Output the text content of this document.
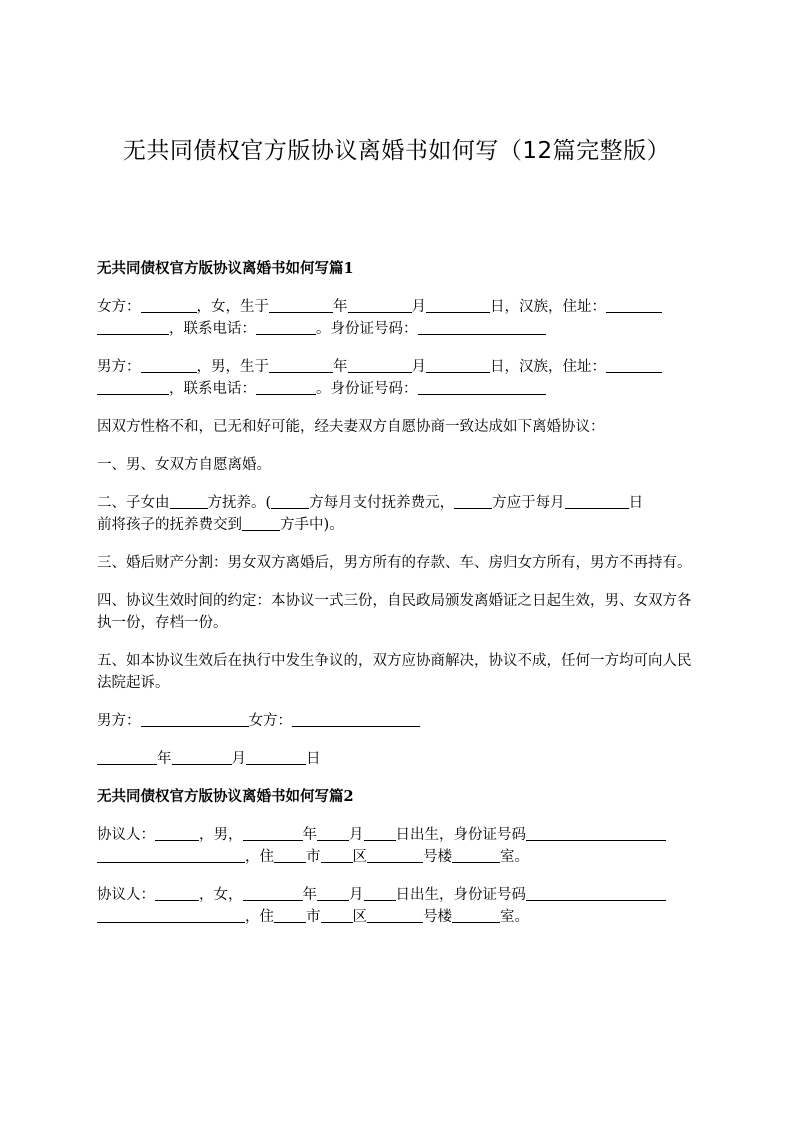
无共同债权官方版协议离婚书如何写（12篇完整版）
无共同债权官方版协议离婚书如何写篇1

女方：	，女，生于	年	月	日，汉族，住址：
，联系电话：	。身份证号码：

男方：	，男，生于	年	月	日，汉族，住址：
，联系电话：	。身份证号码：

因双方性格不和，已无和好可能，经夫妻双方自愿协商一致达成如下离婚协议：

一、男、女双方自愿离婚。

二、子女由	方抚养。(	方每月支付抚养费元，	方应于每月	日
前将孩子的抚养费交到	方手中)。

三、婚后财产分割：男女双方离婚后，男方所有的存款、车、房归女方所有，男方不再持有。

四、协议生效时间的约定：本协议一式三份，自民政局颁发离婚证之日起生效，男、女双方各执一份，存档一份。

五、如本协议生效后在执行中发生争议的，双方应协商解决，协议不成，任何一方均可向人民法院起诉。

男方：	女方：

年	月	日

无共同债权官方版协议离婚书如何写篇2

协议人：	，男，	年 月 日出生，身份证号码
，住 市 区	号楼	室。

协议人：	，女，	年 月 日出生，身份证号码
，住 市 区	号楼	室。
